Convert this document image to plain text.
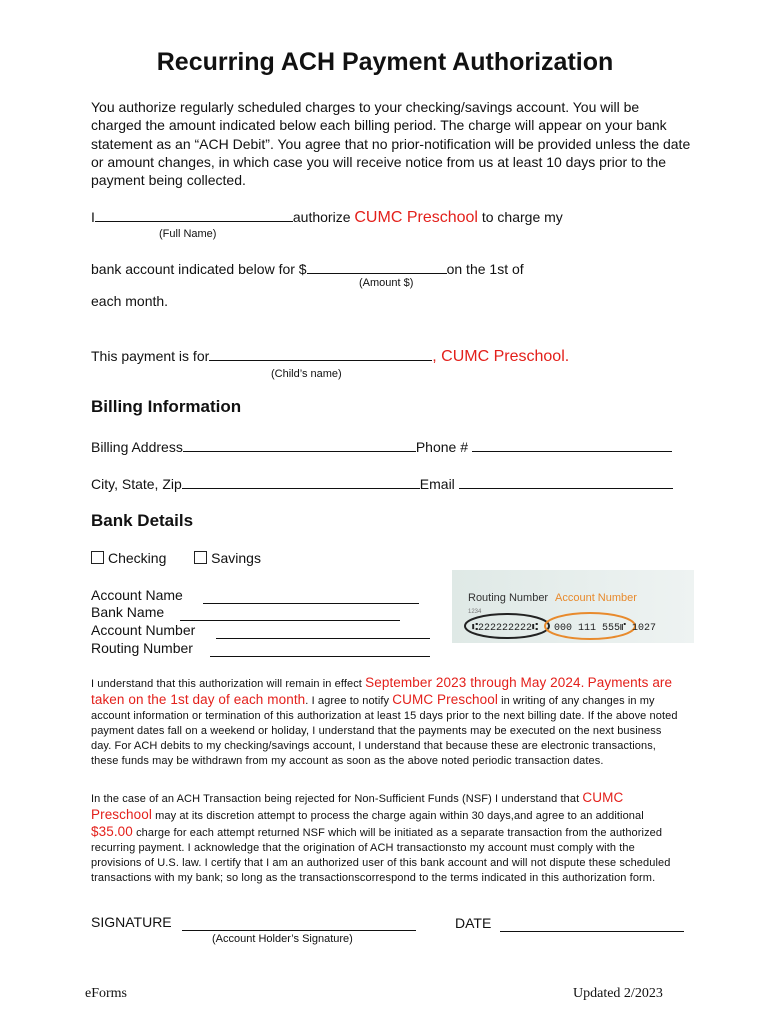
Recurring ACH Payment Authorization
You authorize regularly scheduled charges to your checking/savings account. You will be charged the amount indicated below each billing period. The charge will appear on your bank statement as an “ACH Debit”. You agree that no prior-notification will be provided unless the date or amount changes, in which case you will receive notice from us at least 10 days prior to the payment being collected.
I	authorize CUMC Preschool to charge my
(Full Name)
bank account indicated below for $	on the 1st of
(Amount $)
each month.
This payment is for	, CUMC Preschool.
(Child’s name)
Billing Information
Billing Address	Phone #
City, State, Zip	Email
Bank Details
Checking	Savings
Account Name
Bank Name
Account Number
Routing Number
Routing Number Account Number
1234
⑆222222222⑆ 000 111 555⑈ 1027
I understand that this authorization will remain in effect September 2023 through May 2024. Payments are taken on the 1st day of each month. I agree to notify CUMC Preschool in writing of any changes in my account information or termination of this authorization at least 15 days prior to the next billing date. If the above noted payment dates fall on a weekend or holiday, I understand that the payments may be executed on the next business day. For ACH debits to my checking/savings account, I understand that because these are electronic transactions, these funds may be withdrawn from my account as soon as the above noted periodic transaction dates.
In the case of an ACH Transaction being rejected for Non-Sufficient Funds (NSF) I understand that CUMC Preschool may at its discretion attempt to process the charge again within 30 days,and agree to an additional $35.00 charge for each attempt returned NSF which will be initiated as a separate transaction from the authorized recurring payment. I acknowledge that the origination of ACH transactionsto my account must comply with the provisions of U.S. law. I certify that I am an authorized user of this bank account and will not dispute these scheduled transactions with my bank; so long as the transactionscorrespond to the terms indicated in this authorization form.
SIGNATURE
(Account Holder’s Signature)
DATE
eForms	Updated 2/2023
